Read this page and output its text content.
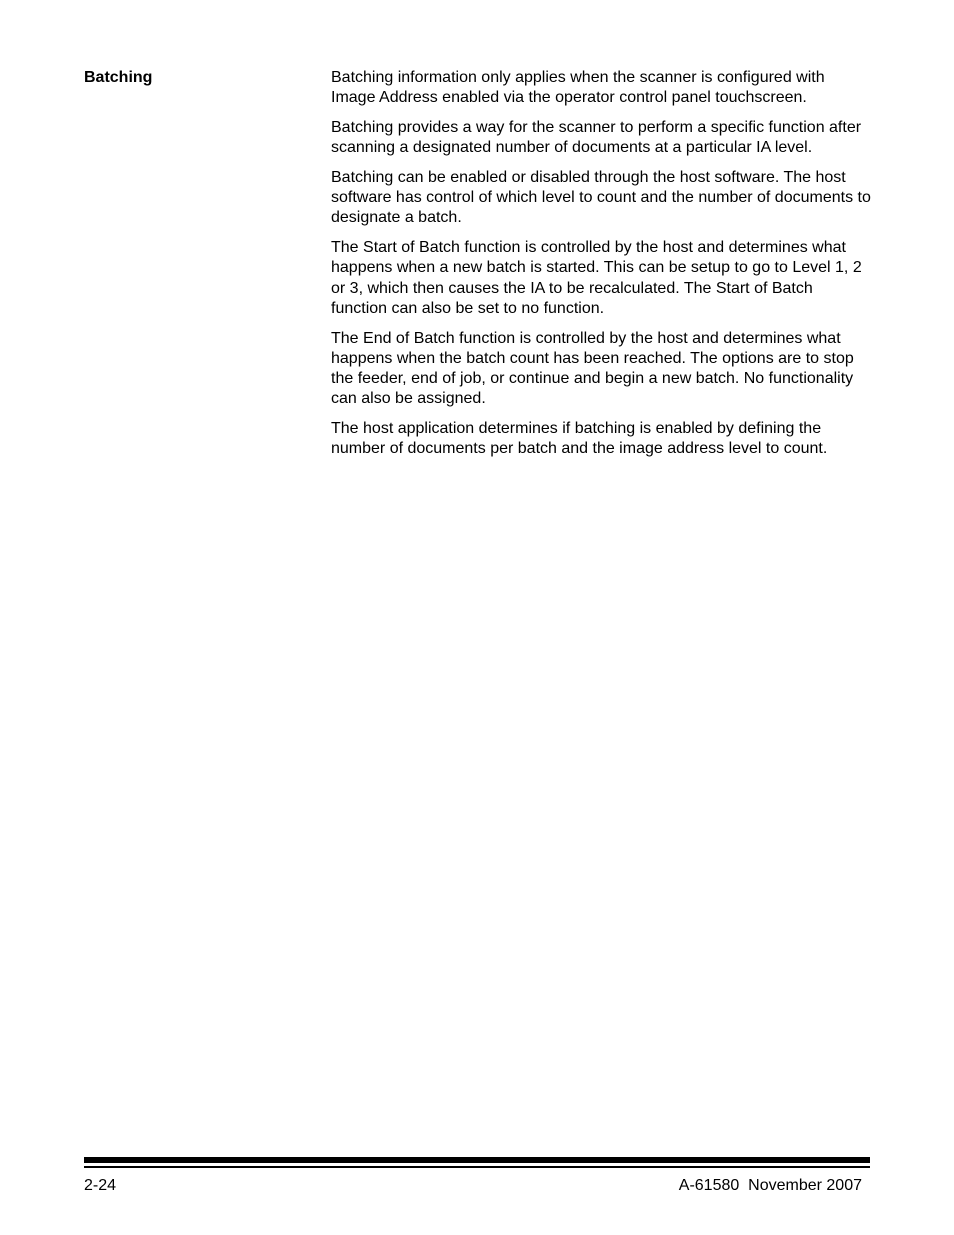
Batching	Batching information only applies when the scanner is configured with Image Address enabled via the operator control panel touchscreen.

Batching provides a way for the scanner to perform a specific function after scanning a designated number of documents at a particular IA level.

Batching can be enabled or disabled through the host software. The host software has control of which level to count and the number of documents to designate a batch.

The Start of Batch function is controlled by the host and determines what happens when a new batch is started. This can be setup to go to Level 1, 2 or 3, which then causes the IA to be recalculated. The Start of Batch function can also be set to no function.

The End of Batch function is controlled by the host and determines what happens when the batch count has been reached. The options are to stop the feeder, end of job, or continue and begin a new batch. No functionality can also be assigned.

The host application determines if batching is enabled by defining the number of documents per batch and the image address level to count.

2-24	A-61580  November 2007
